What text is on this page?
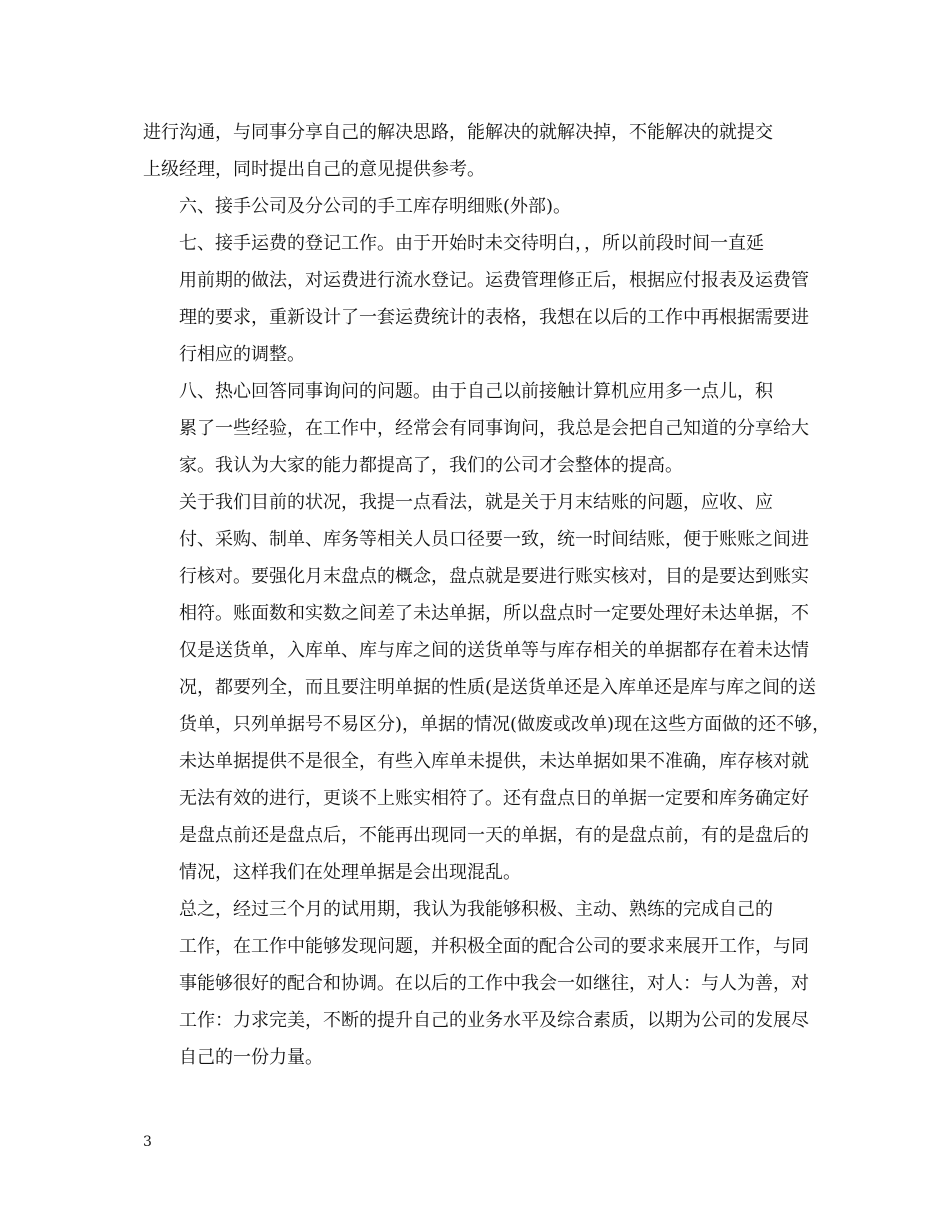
进行沟通，与同事分享自己的解决思路，能解决的就解决掉，不能解决的就提交
上级经理，同时提出自己的意见提供参考。

六、接手公司及分公司的手工库存明细账(外部)。

七、接手运费的登记工作。由于开始时未交待明白，，所以前段时间一直延
用前期的做法，对运费进行流水登记。运费管理修正后，根据应付报表及运费管
理的要求，重新设计了一套运费统计的表格，我想在以后的工作中再根据需要进
行相应的调整。

八、热心回答同事询问的问题。由于自己以前接触计算机应用多一点儿，积
累了一些经验，在工作中，经常会有同事询问，我总是会把自己知道的分享给大
家。我认为大家的能力都提高了，我们的公司才会整体的提高。

关于我们目前的状况，我提一点看法，就是关于月末结账的问题，应收、应
付、采购、制单、库务等相关人员口径要一致，统一时间结账，便于账账之间进
行核对。要强化月末盘点的概念，盘点就是要进行账实核对，目的是要达到账实
相符。账面数和实数之间差了未达单据，所以盘点时一定要处理好未达单据，不
仅是送货单，入库单、库与库之间的送货单等与库存相关的单据都存在着未达情
况，都要列全，而且要注明单据的性质(是送货单还是入库单还是库与库之间的送
货单，只列单据号不易区分)，单据的情况(做废或改单)现在这些方面做的还不够，
未达单据提供不是很全，有些入库单未提供，未达单据如果不准确，库存核对就
无法有效的进行，更谈不上账实相符了。还有盘点日的单据一定要和库务确定好
是盘点前还是盘点后，不能再出现同一天的单据，有的是盘点前，有的是盘后的
情况，这样我们在处理单据是会出现混乱。

总之，经过三个月的试用期，我认为我能够积极、主动、熟练的完成自己的
工作，在工作中能够发现问题，并积极全面的配合公司的要求来展开工作，与同
事能够很好的配合和协调。在以后的工作中我会一如继往，对人：与人为善，对
工作：力求完美，不断的提升自己的业务水平及综合素质，以期为公司的发展尽
自己的一份力量。

3
